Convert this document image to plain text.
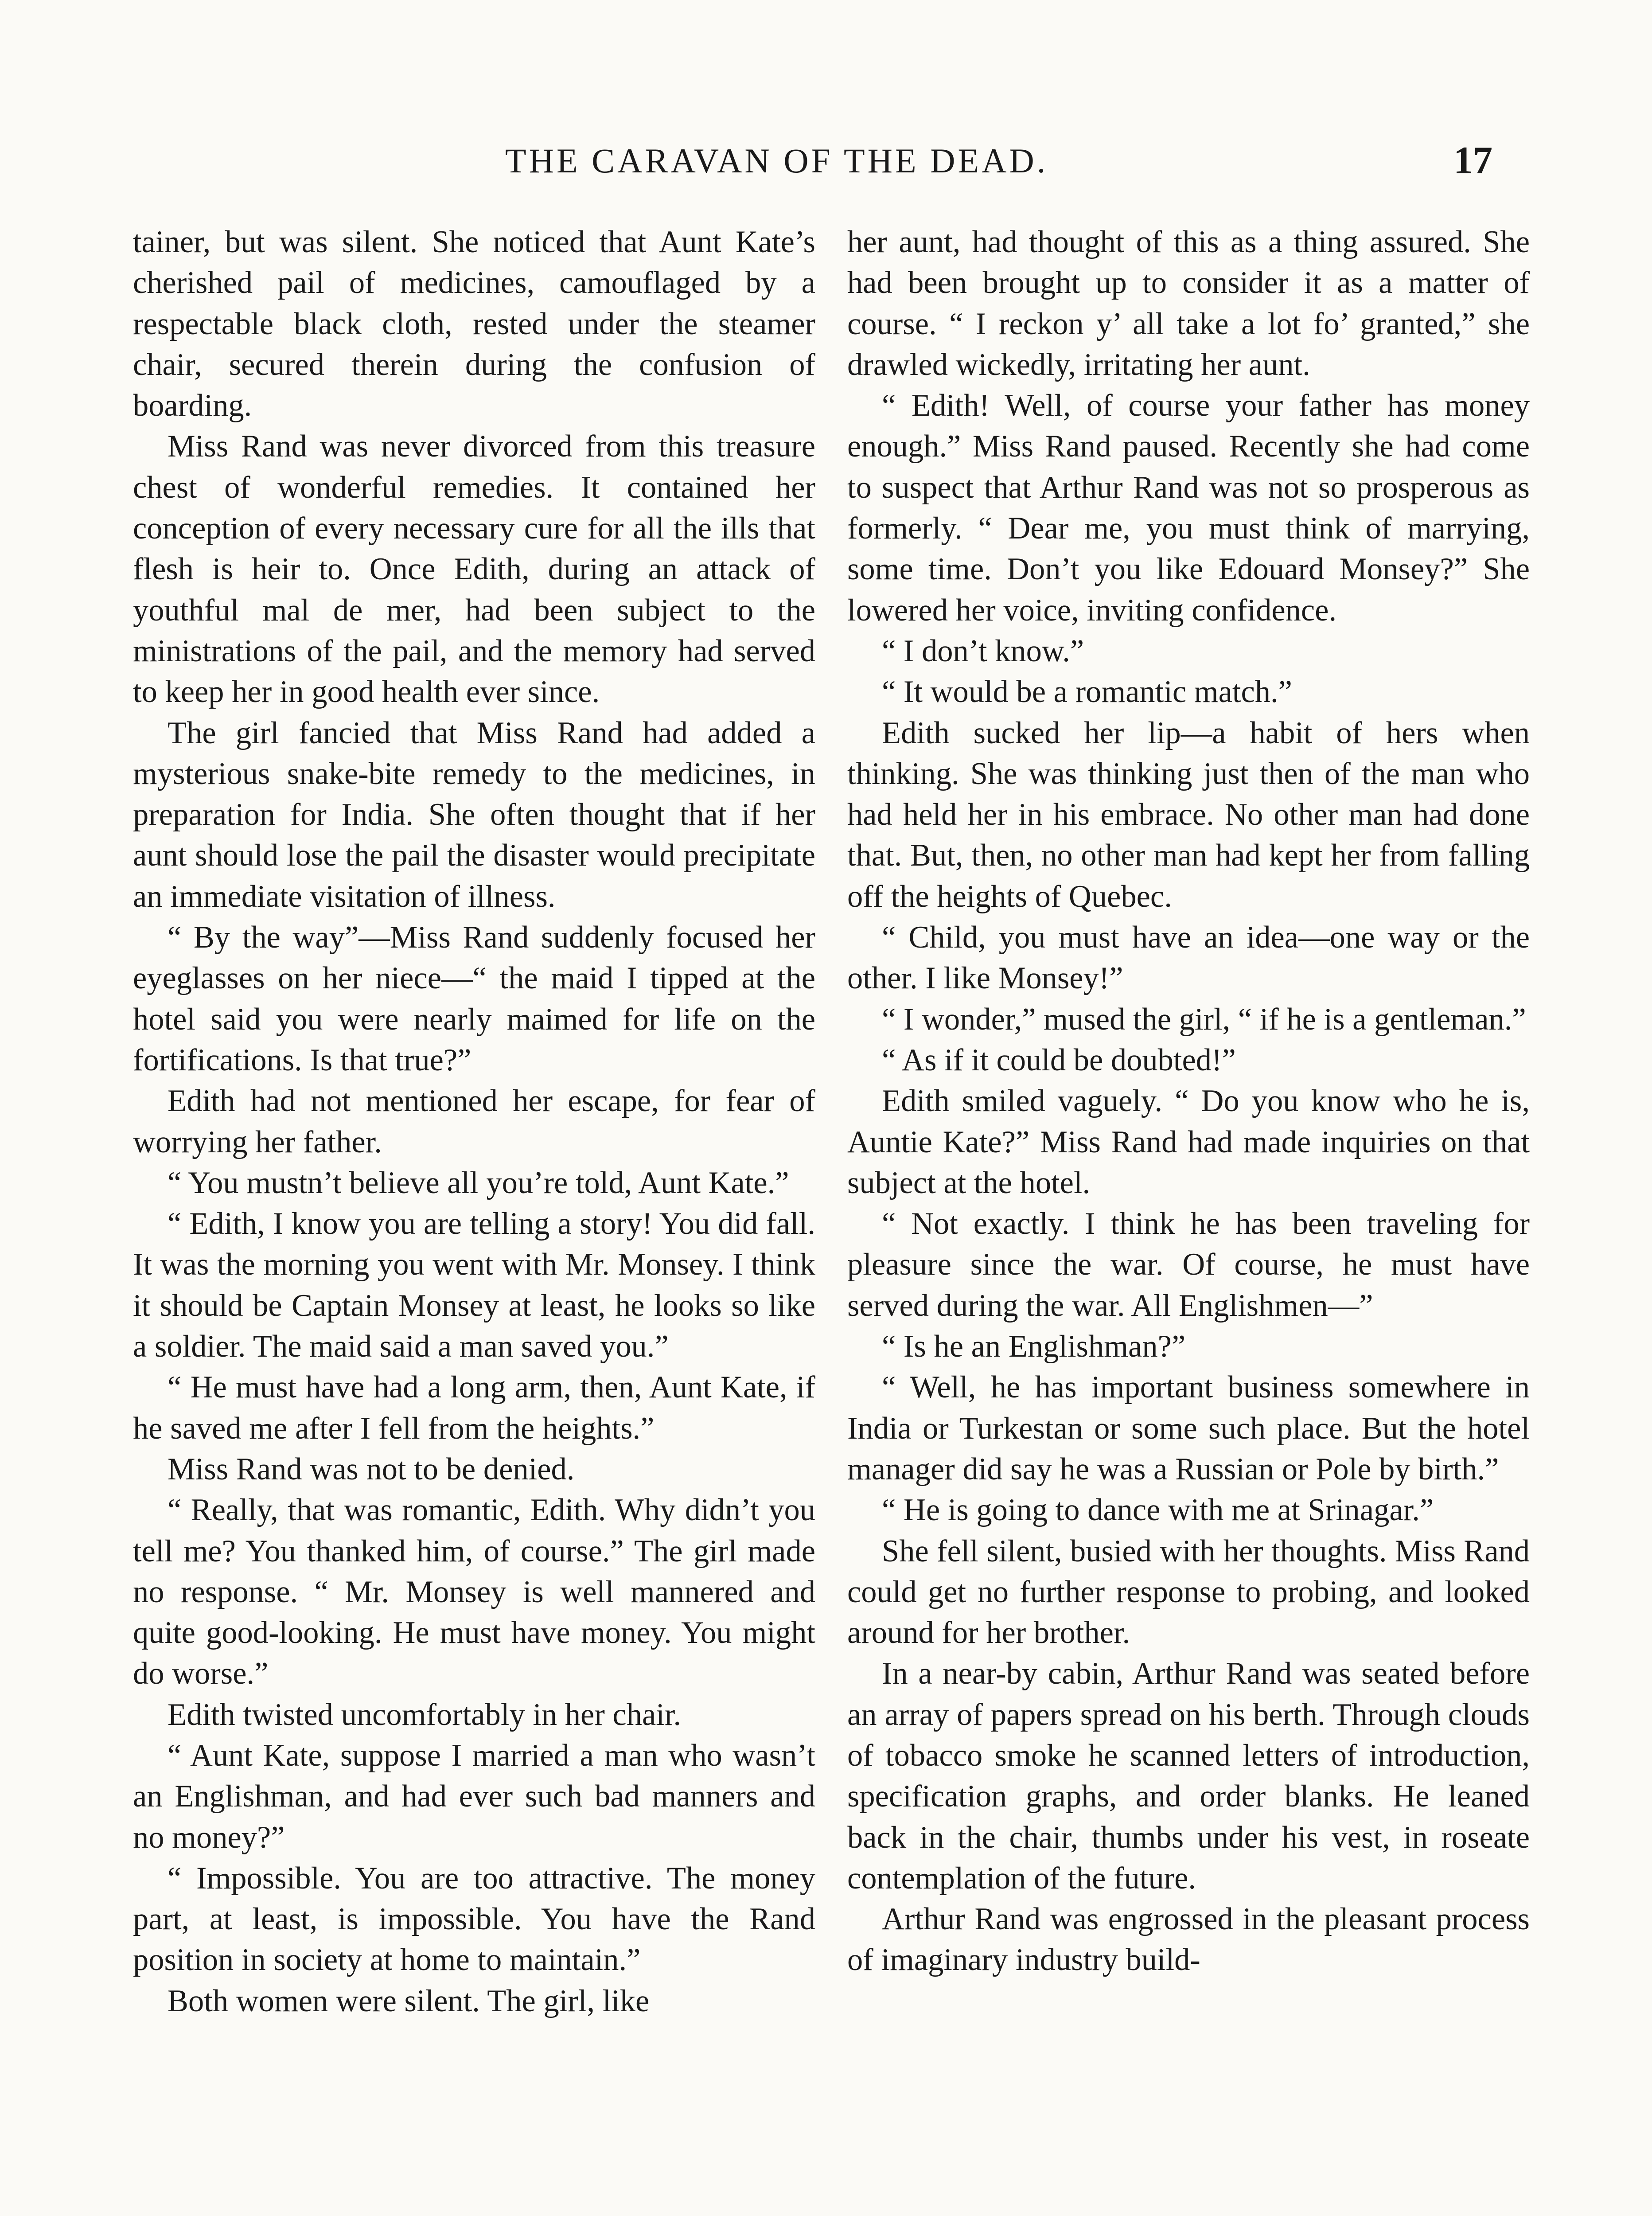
THE CARAVAN OF THE DEAD.	17

tainer, but was silent. She noticed that Aunt Kate’s cherished pail of medicines, camouflaged by a respectable black cloth, rested under the steamer chair, secured therein during the confusion of boarding.

Miss Rand was never divorced from this treasure chest of wonderful remedies. It contained her conception of every necessary cure for all the ills that flesh is heir to. Once Edith, during an attack of youthful mal de mer, had been subject to the ministrations of the pail, and the memory had served to keep her in good health ever since.

The girl fancied that Miss Rand had added a mysterious snake-bite remedy to the medicines, in preparation for India. She often thought that if her aunt should lose the pail the disaster would precipitate an immediate visitation of illness.

“ By the way”—Miss Rand suddenly focused her eyeglasses on her niece—“ the maid I tipped at the hotel said you were nearly maimed for life on the fortifications. Is that true?”

Edith had not mentioned her escape, for fear of worrying her father.

“ You mustn’t believe all you’re told, Aunt Kate.”

“ Edith, I know you are telling a story! You did fall. It was the morning you went with Mr. Monsey. I think it should be Captain Monsey at least, he looks so like a soldier. The maid said a man saved you.”

“ He must have had a long arm, then, Aunt Kate, if he saved me after I fell from the heights.”

Miss Rand was not to be denied.

“ Really, that was romantic, Edith. Why didn’t you tell me? You thanked him, of course.” The girl made no response. “ Mr. Monsey is well mannered and quite good-looking. He must have money. You might do worse.”

Edith twisted uncomfortably in her chair.

“ Aunt Kate, suppose I married a man who wasn’t an Englishman, and had ever such bad manners and no money?”

“ Impossible. You are too attractive. The money part, at least, is impossible. You have the Rand position in society at home to maintain.”

Both women were silent. The girl, like

her aunt, had thought of this as a thing assured. She had been brought up to consider it as a matter of course. “ I reckon y’ all take a lot fo’ granted,” she drawled wickedly, irritating her aunt.

“ Edith! Well, of course your father has money enough.” Miss Rand paused. Recently she had come to suspect that Arthur Rand was not so prosperous as formerly. “ Dear me, you must think of marrying, some time. Don’t you like Edouard Monsey?” She lowered her voice, inviting confidence.

“ I don’t know.”

“ It would be a romantic match.”

Edith sucked her lip—a habit of hers when thinking. She was thinking just then of the man who had held her in his embrace. No other man had done that. But, then, no other man had kept her from falling off the heights of Quebec.

“ Child, you must have an idea—one way or the other. I like Monsey!”

“ I wonder,” mused the girl, “ if he is a gentleman.”

“ As if it could be doubted!”

Edith smiled vaguely. “ Do you know who he is, Auntie Kate?” Miss Rand had made inquiries on that subject at the hotel.

“ Not exactly. I think he has been traveling for pleasure since the war. Of course, he must have served during the war. All Englishmen—”

“ Is he an Englishman?”

“ Well, he has important business somewhere in India or Turkestan or some such place. But the hotel manager did say he was a Russian or Pole by birth.”

“ He is going to dance with me at Srinagar.”

She fell silent, busied with her thoughts. Miss Rand could get no further response to probing, and looked around for her brother.

In a near-by cabin, Arthur Rand was seated before an array of papers spread on his berth. Through clouds of tobacco smoke he scanned letters of introduction, specification graphs, and order blanks. He leaned back in the chair, thumbs under his vest, in roseate contemplation of the future.

Arthur Rand was engrossed in the pleasant process of imaginary industry build-
